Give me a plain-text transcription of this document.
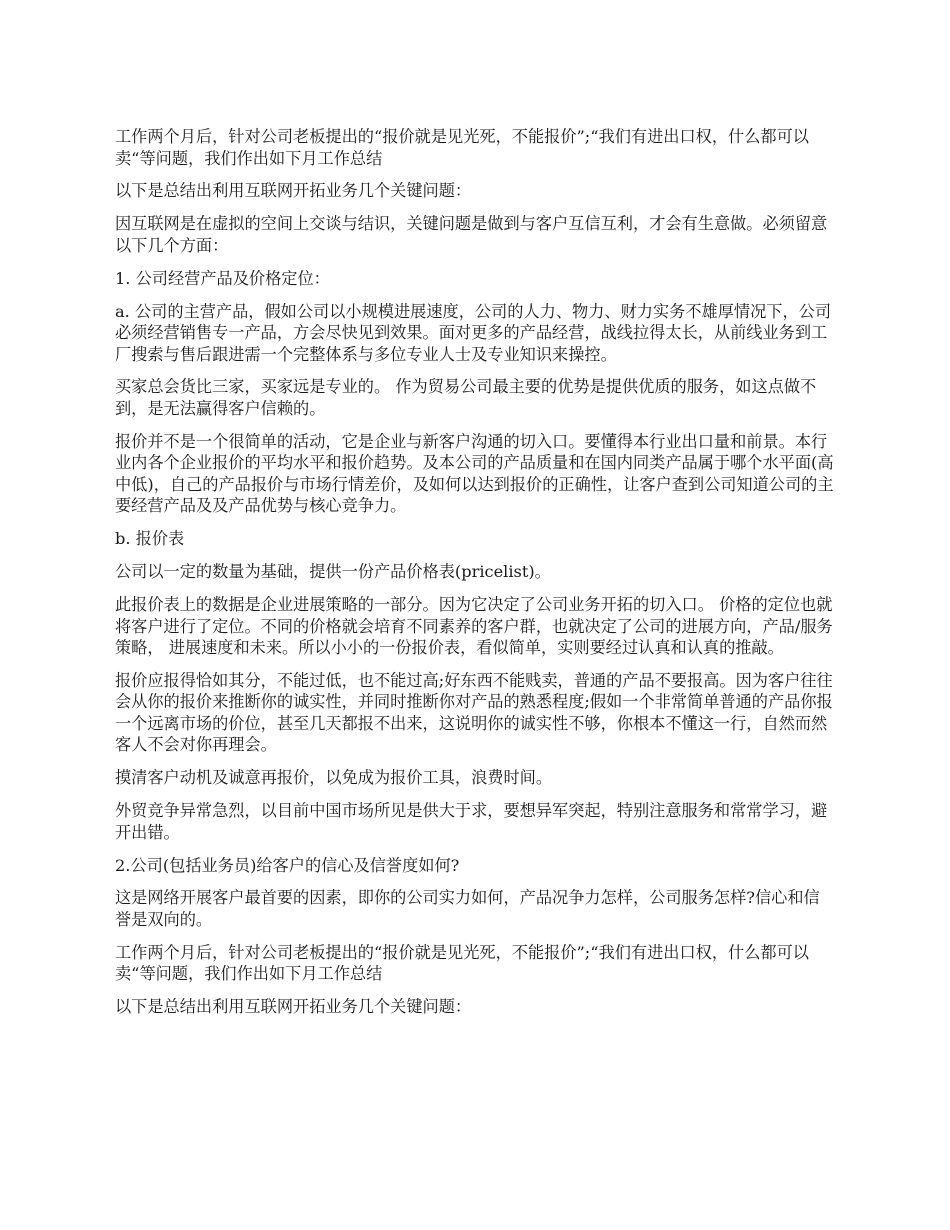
工作两个月后，针对公司老板提出的“报价就是见光死，不能报价”;“我们有进出口权，什么都可以卖“等问题，我们作出如下月工作总结

以下是总结出利用互联网开拓业务几个关键问题：

因互联网是在虚拟的空间上交谈与结识，关键问题是做到与客户互信互利，才会有生意做。必须留意以下几个方面：

1. 公司经营产品及价格定位：

a. 公司的主营产品，假如公司以小规模进展速度，公司的人力、物力、财力实务不雄厚情况下，公司必须经营销售专一产品，方会尽快见到效果。面对更多的产品经营，战线拉得太长，从前线业务到工厂搜索与售后跟进需一个完整体系与多位专业人士及专业知识来操控。

买家总会货比三家，买家远是专业的。 作为贸易公司最主要的优势是提供优质的服务，如这点做不到，是无法赢得客户信赖的。

报价并不是一个很简单的活动，它是企业与新客户沟通的切入口。要懂得本行业出口量和前景。本行业内各个企业报价的平均水平和报价趋势。及本公司的产品质量和在国内同类产品属于哪个水平面(高中低)，自己的产品报价与市场行情差价，及如何以达到报价的正确性，让客户查到公司知道公司的主要经营产品及及产品优势与核心竞争力。

b. 报价表

公司以一定的数量为基础，提供一份产品价格表(pricelist)。

此报价表上的数据是企业进展策略的一部分。因为它决定了公司业务开拓的切入口。 价格的定位也就将客户进行了定位。不同的价格就会培育不同素养的客户群，也就决定了公司的进展方向，产品/服务策略， 进展速度和未来。所以小小的一份报价表，看似简单，实则要经过认真和认真的推敲。

报价应报得恰如其分，不能过低，也不能过高;好东西不能贱卖，普通的产品不要报高。因为客户往往会从你的报价来推断你的诚实性，并同时推断你对产品的熟悉程度;假如一个非常简单普通的产品你报一个远离市场的价位，甚至几天都报不出来，这说明你的诚实性不够，你根本不懂这一行，自然而然客人不会对你再理会。

摸清客户动机及诚意再报价，以免成为报价工具，浪费时间。

外贸竞争异常急烈，以目前中国市场所见是供大于求，要想异军突起，特别注意服务和常常学习，避开出错。

2.公司(包括业务员)给客户的信心及信誉度如何?

这是网络开展客户最首要的因素，即你的公司实力如何，产品况争力怎样，公司服务怎样?信心和信誉是双向的。

工作两个月后，针对公司老板提出的“报价就是见光死，不能报价”;“我们有进出口权，什么都可以卖“等问题，我们作出如下月工作总结

以下是总结出利用互联网开拓业务几个关键问题：
